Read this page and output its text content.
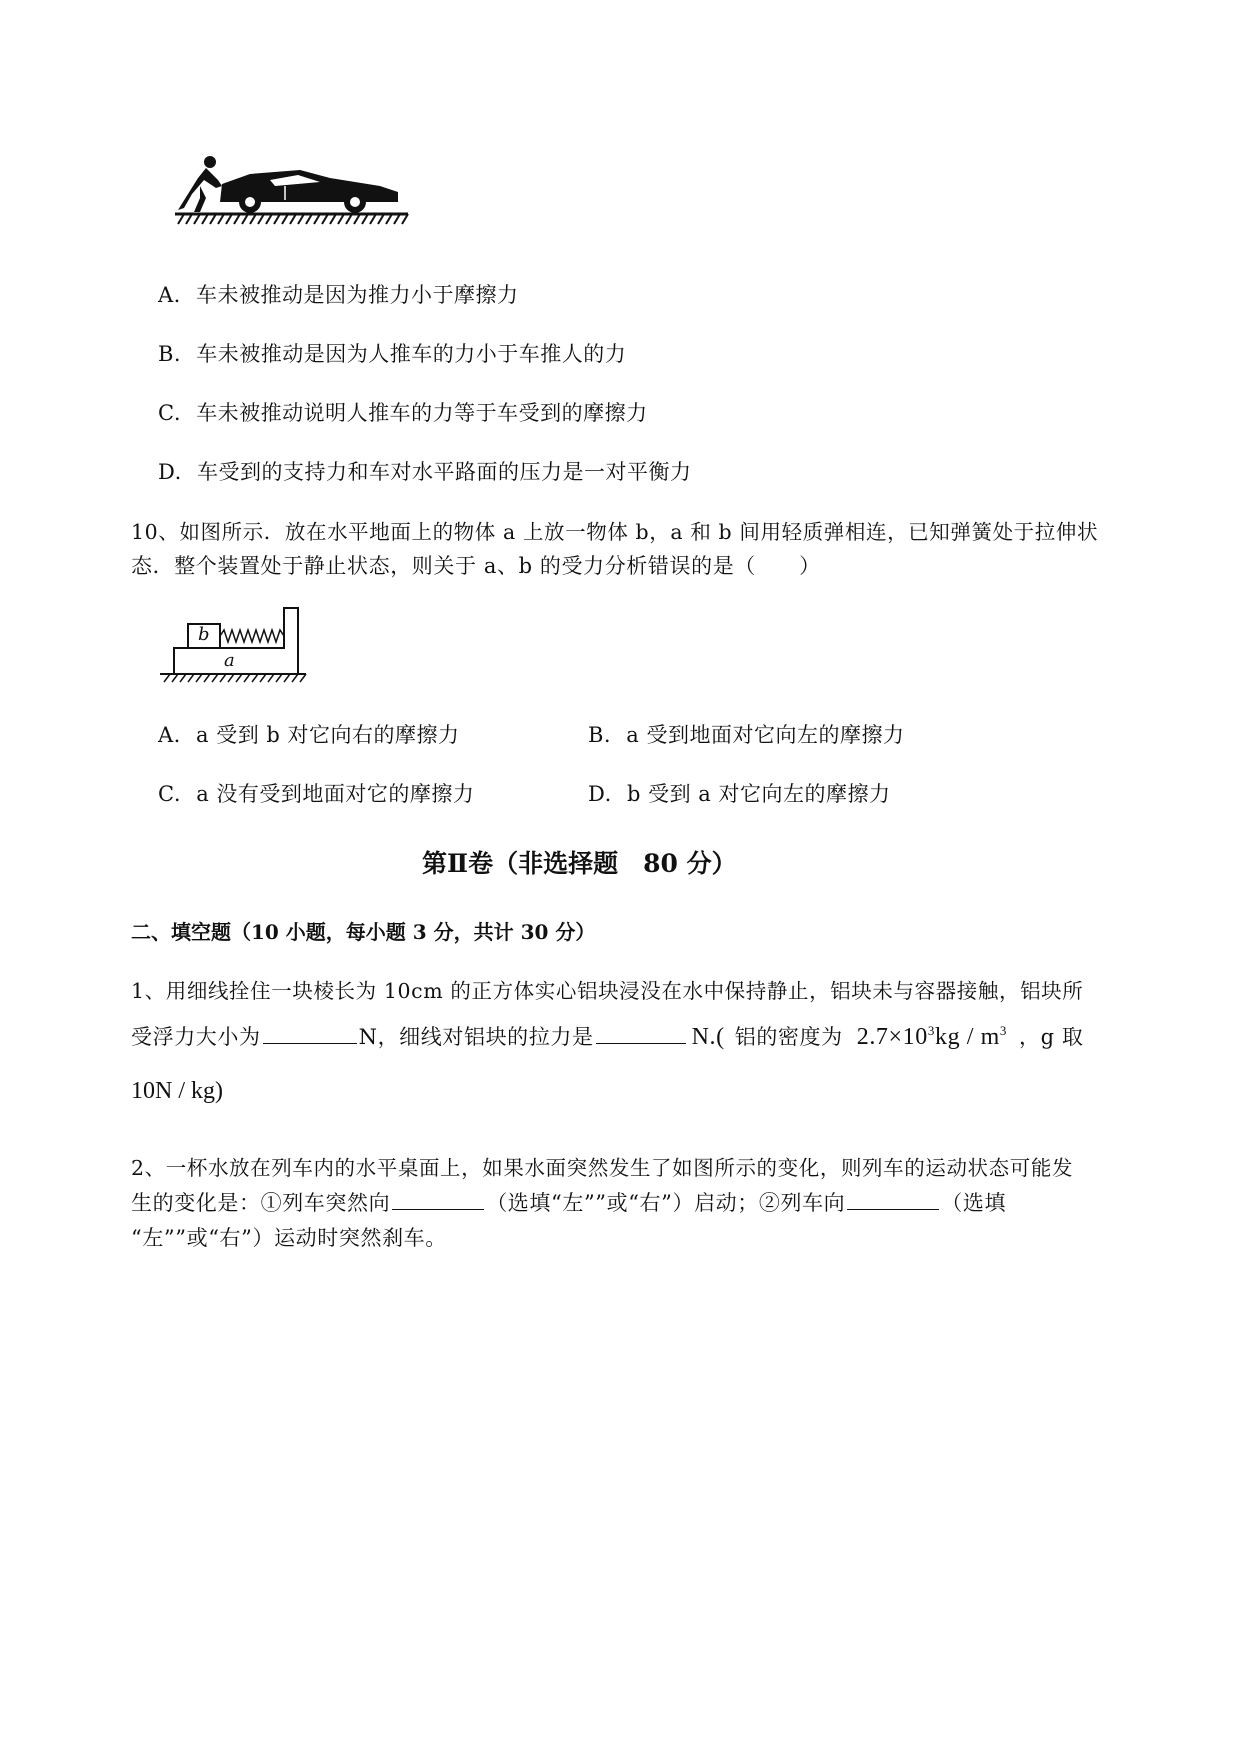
A. 车未被推动是因为推力小于摩擦力
B. 车未被推动是因为人推车的力小于车推人的力
C. 车未被推动说明人推车的力等于车受到的摩擦力
D. 车受到的支持力和车对水平路面的压力是一对平衡力
10、如图所示．放在水平地面上的物体 a 上放一物体 b，a 和 b 间用轻质弹相连，已知弹簧处于拉伸状
态．整个装置处于静止状态，则关于 a、b 的受力分析错误的是（　　）
b
a
A. a 受到 b 对它向右的摩擦力	B. a 受到地面对它向左的摩擦力
C. a 没有受到地面对它的摩擦力	D. b 受到 a 对它向左的摩擦力
第Ⅱ卷（非选择题　80 分）
二、填空题（10 小题，每小题 3 分，共计 30 分）
1、用细线拴住一块棱长为 10cm 的正方体实心铝块浸没在水中保持静止，铝块未与容器接触，铝块所
受浮力大小为	N，细线对铝块的拉力是	N.( 铝的密度为 $2.7\times 10^3kg / m^3$ ，g 取
10N / kg)
2、一杯水放在列车内的水平桌面上，如果水面突然发生了如图所示的变化，则列车的运动状态可能发
生的变化是：①列车突然向	（选填“左””或“右”）启动；②列车向	（选填
“左””或“右”）运动时突然刹车。
